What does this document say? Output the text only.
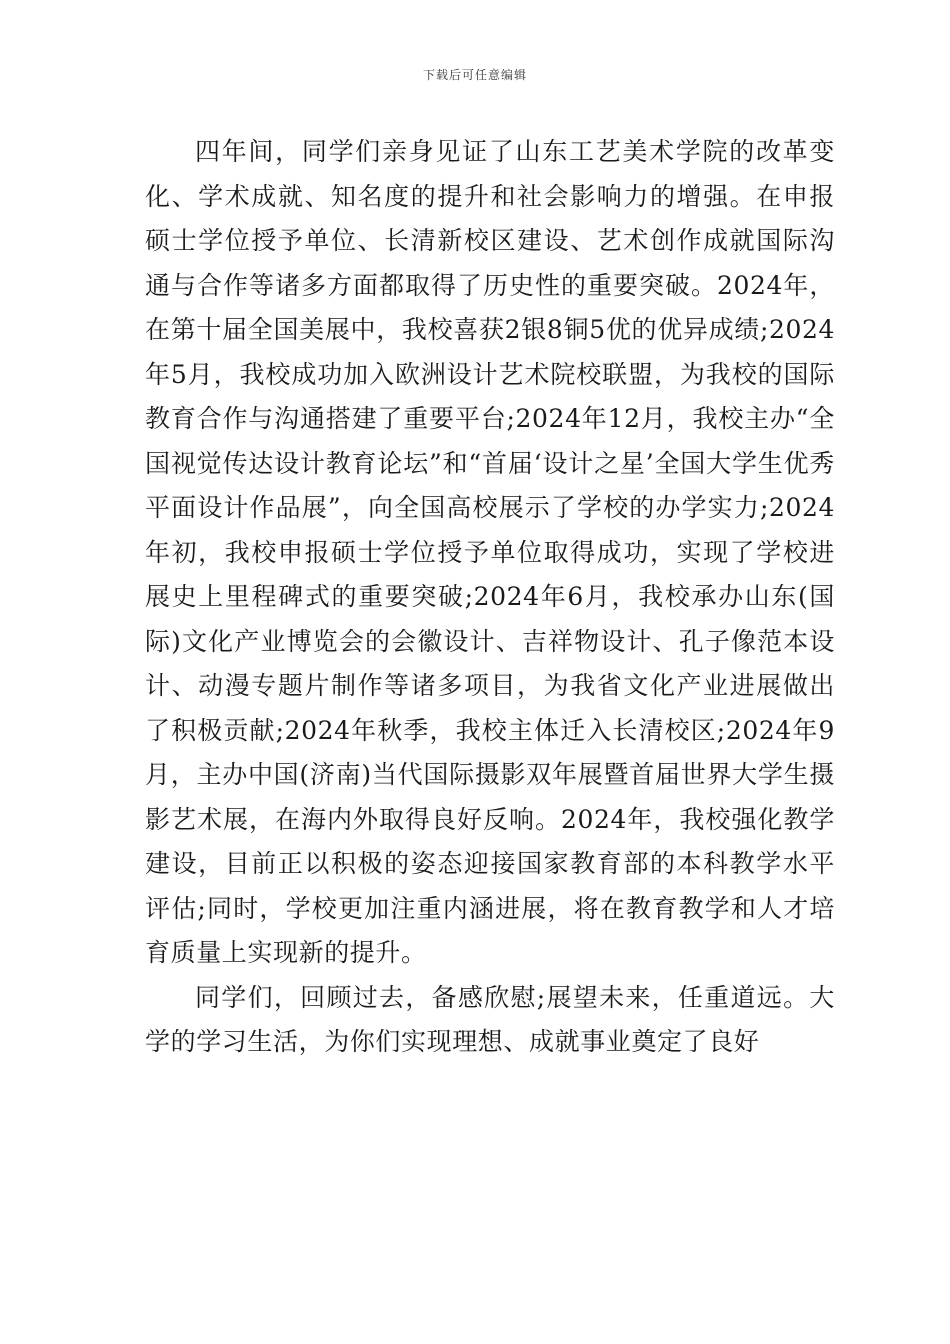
下载后可任意编辑

四年间，同学们亲身见证了山东工艺美术学院的改革变化、学术成就、知名度的提升和社会影响力的增强。在申报硕士学位授予单位、长清新校区建设、艺术创作成就国际沟通与合作等诸多方面都取得了历史性的重要突破。2024年，在第十届全国美展中，我校喜获2银8铜5优的优异成绩;2024年5月，我校成功加入欧洲设计艺术院校联盟，为我校的国际教育合作与沟通搭建了重要平台;2024年12月，我校主办“全国视觉传达设计教育论坛”和“首届‘设计之星’全国大学生优秀平面设计作品展”，向全国高校展示了学校的办学实力;2024年初，我校申报硕士学位授予单位取得成功，实现了学校进展史上里程碑式的重要突破;2024年6月，我校承办山东(国际)文化产业博览会的会徽设计、吉祥物设计、孔子像范本设计、动漫专题片制作等诸多项目，为我省文化产业进展做出了积极贡献;2024年秋季，我校主体迁入长清校区;2024年9月，主办中国(济南)当代国际摄影双年展暨首届世界大学生摄影艺术展，在海内外取得良好反响。2024年，我校强化教学建设，目前正以积极的姿态迎接国家教育部的本科教学水平评估;同时，学校更加注重内涵进展，将在教育教学和人才培育质量上实现新的提升。

同学们，回顾过去，备感欣慰;展望未来，任重道远。大学的学习生活，为你们实现理想、成就事业奠定了良好
